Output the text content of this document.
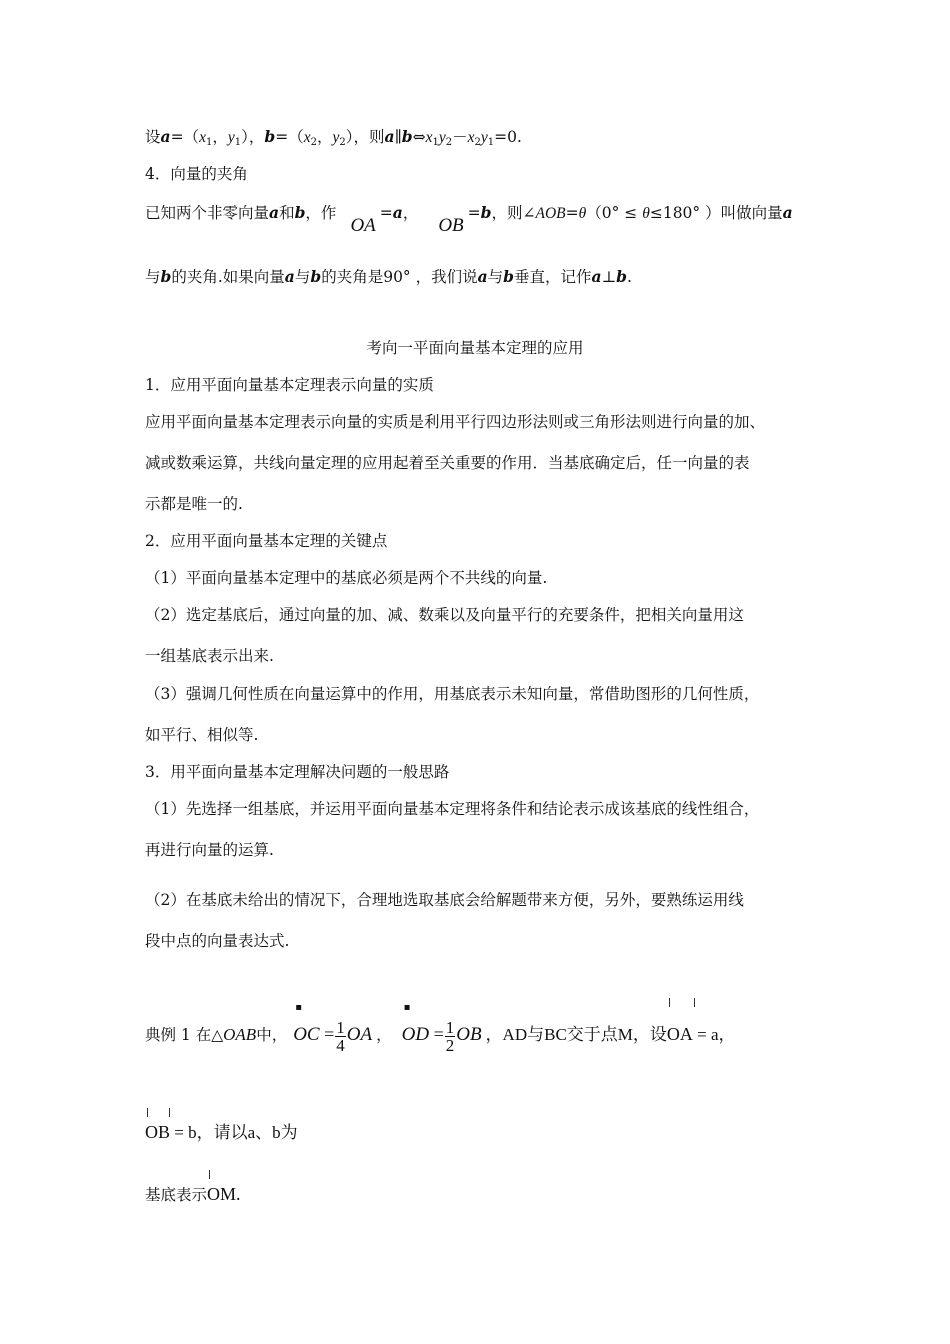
设$a=(x_1$，$y_1$），$b=(x_2$，$y_2$），则$a\parallel b\Leftrightarrow x_1y_2-x_2y_1=0$.
4．向量的夹角
已知两个非零向量a和b，作OA=a，OB=b，则∠AOB=θ（0° ≤ θ≤180° ）叫做向量a
与b的夹角.如果向量a与b的夹角是90° ，我们说a与b垂直，记作a⊥b.
考向一平面向量基本定理的应用
1．应用平面向量基本定理表示向量的实质
应用平面向量基本定理表示向量的实质是利用平行四边形法则或三角形法则进行向量的加、
减或数乘运算，共线向量定理的应用起着至关重要的作用．当基底确定后，任一向量的表
示都是唯一的.
2．应用平面向量基本定理的关键点
（1）平面向量基本定理中的基底必须是两个不共线的向量.
（2）选定基底后，通过向量的加、减、数乘以及向量平行的充要条件，把相关向量用这
一组基底表示出来.
（3）强调几何性质在向量运算中的作用，用基底表示未知向量，常借助图形的几何性质，
如平行、相似等.
3．用平面向量基本定理解决问题的一般思路
（1）先选择一组基底，并运用平面向量基本定理将条件和结论表示成该基底的线性组合，
再进行向量的运算.
（2）在基底未给出的情况下，合理地选取基底会给解题带来方便，另外，要熟练运用线
段中点的向量表达式.
典例 1 在△OAB中，
▪
OC = $\frac{1}{4}$ OA ，
▪
OD = $\frac{1}{2}$ OB ，AD与BC交于点M，设
OA = a，
OB = b，请以a、b为
基底表示
OM.
